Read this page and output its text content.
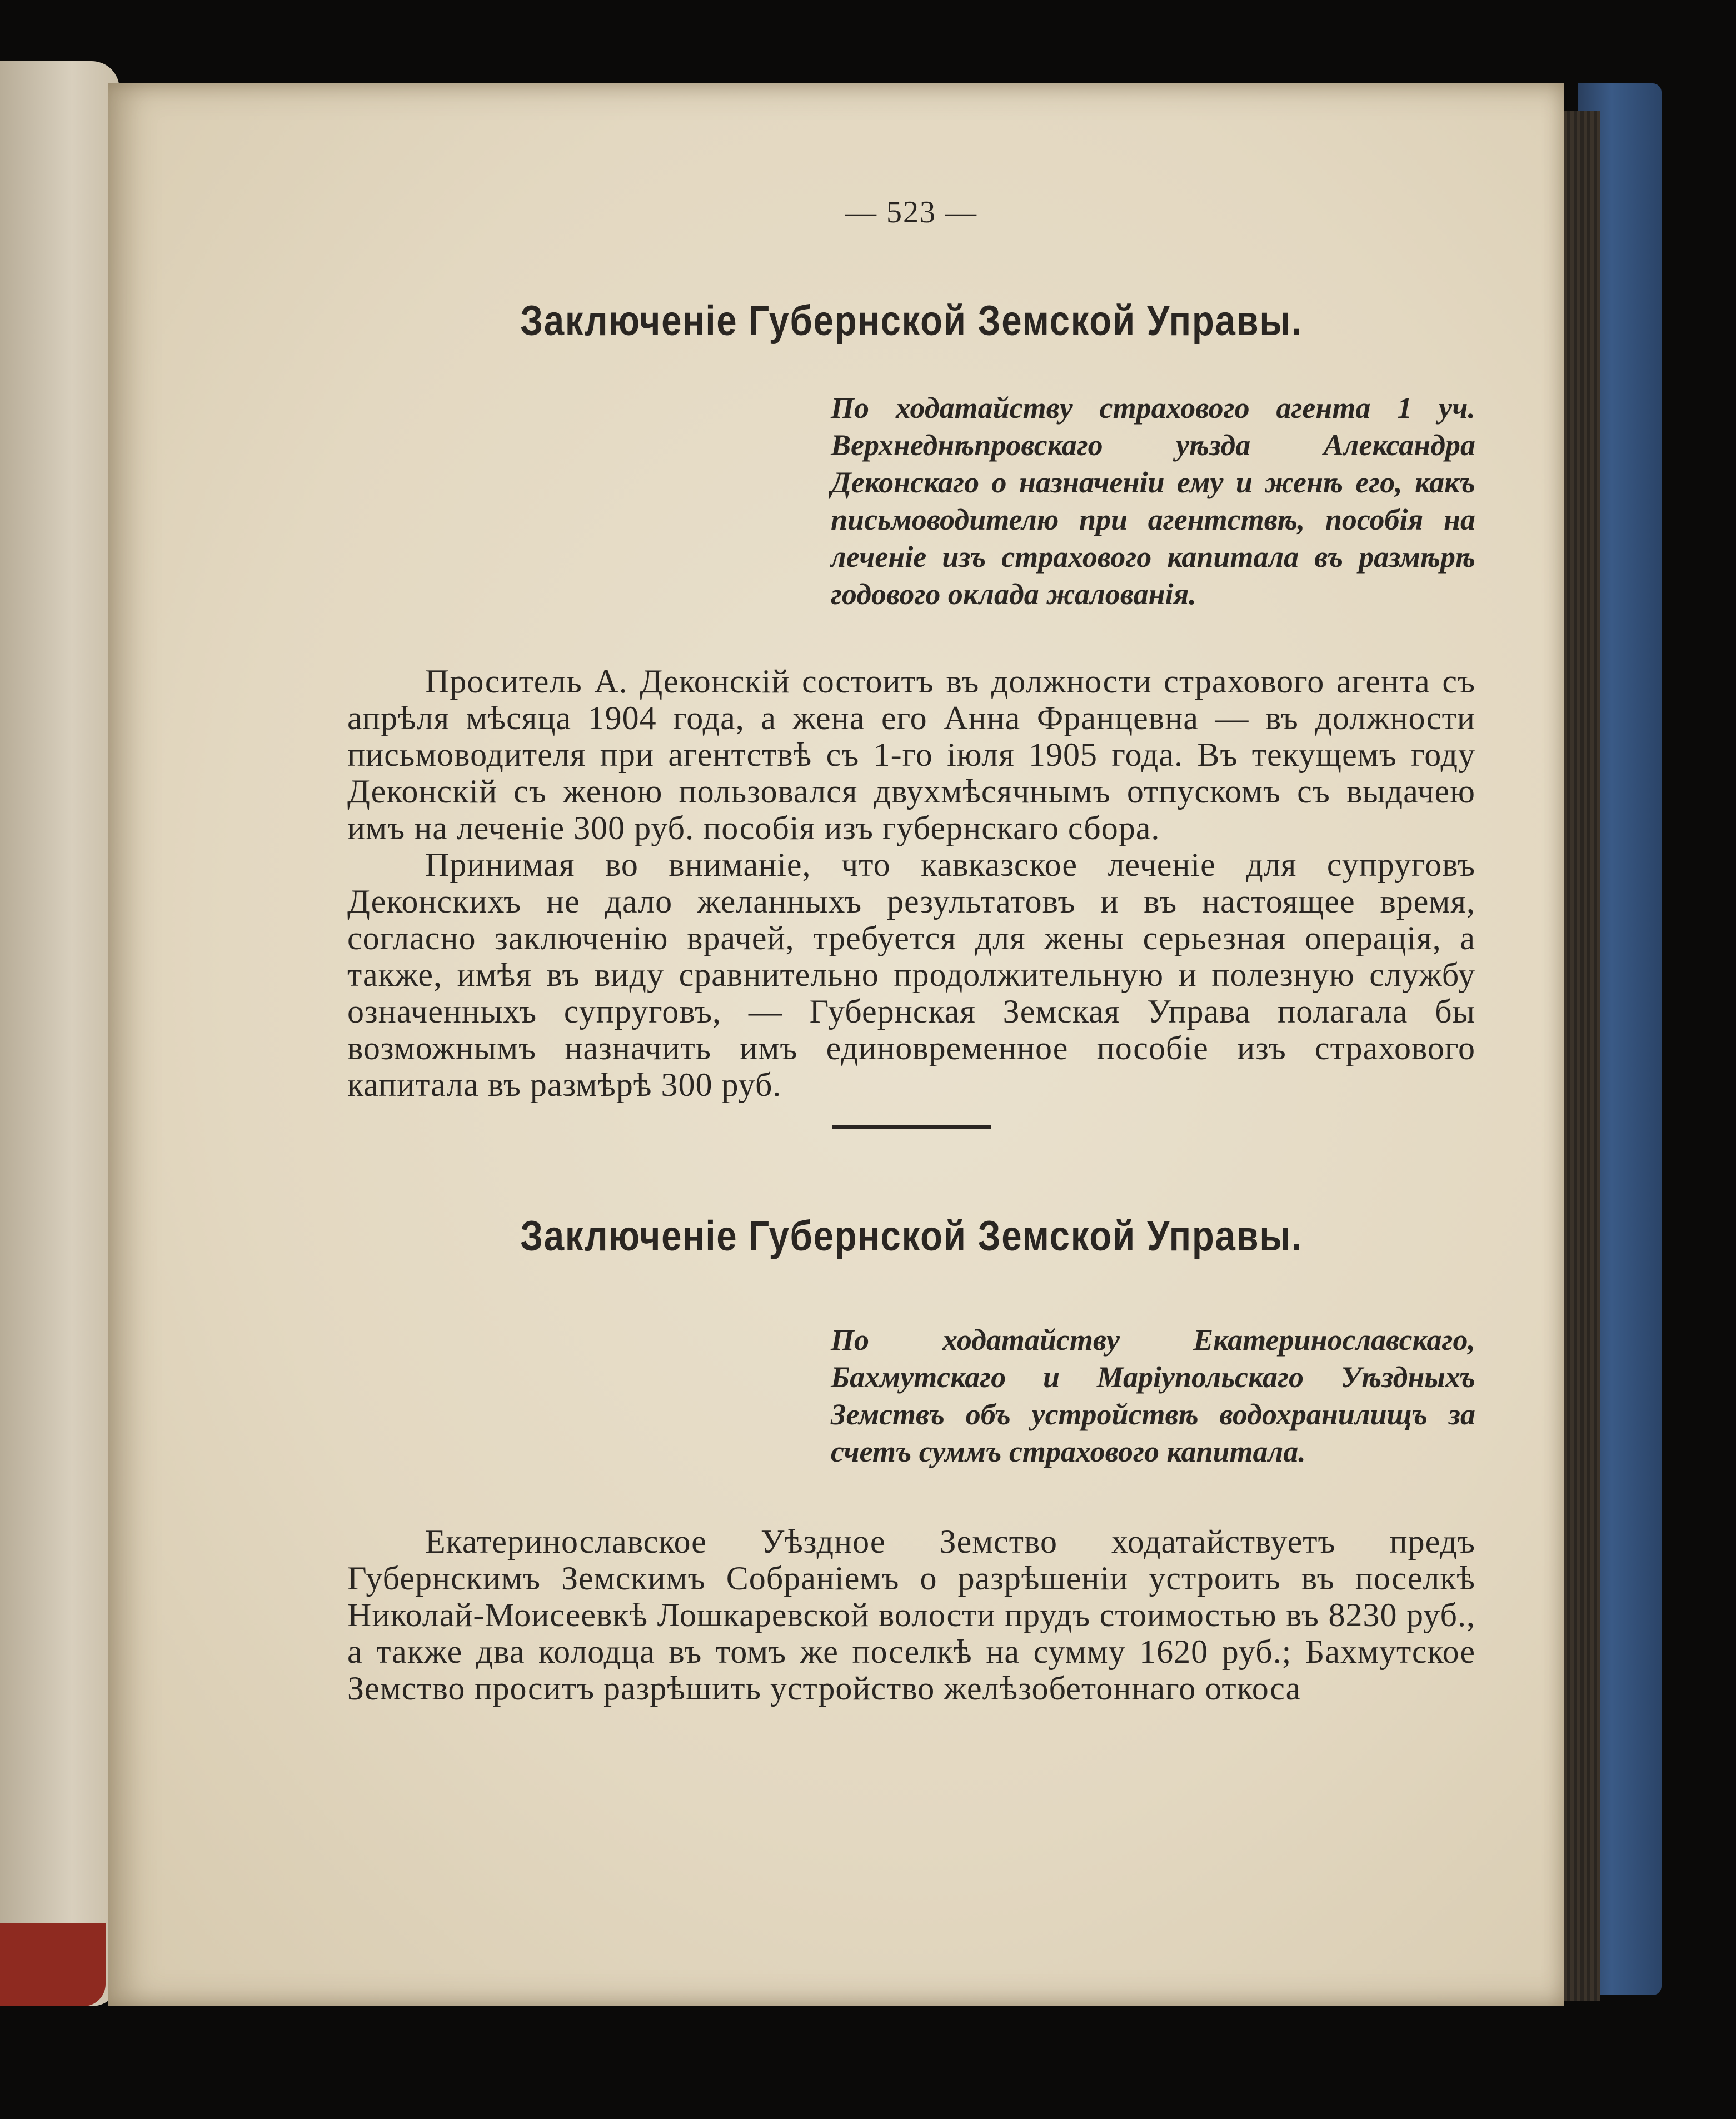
— 523 —
Заключеніе Губернской Земской Управы.
По ходатайству страхового агента 1 уч. Верхнеднѣпровскаго уѣзда Александра Деконскаго о назначеніи ему и женѣ его, какъ письмоводителю при агентствѣ, пособія на леченіе изъ страхового капитала въ размѣрѣ годового оклада жалованія.

Проситель А. Деконскій состоитъ въ должности страхового агента съ апрѣля мѣсяца 1904 года, а жена его Анна Францевна — въ должности письмоводителя при агентствѣ съ 1-го іюля 1905 года. Въ текущемъ году Деконскій съ женою пользовался двухмѣсячнымъ отпускомъ съ выдачею имъ на леченіе 300 руб. пособія изъ губернскаго сбора.

Принимая во вниманіе, что кавказское леченіе для супруговъ Деконскихъ не дало желанныхъ результатовъ и въ настоящее время, согласно заключенію врачей, требуется для жены серьезная операція, а также, имѣя въ виду сравнительно продолжительную и полезную службу означенныхъ супруговъ, — Губернская Земская Управа полагала бы возможнымъ назначить имъ единовременное пособіе изъ страхового капитала въ размѣрѣ 300 руб.

Заключеніе Губернской Земской Управы.
По ходатайству Екатеринославскаго, Бахмутскаго и Маріупольскаго Уѣздныхъ Земствъ объ устройствѣ водохранилищъ за счетъ суммъ страхового капитала.

Екатеринославское Уѣздное Земство ходатайствуетъ предъ Губернскимъ Земскимъ Собраніемъ о разрѣшеніи устроить въ поселкѣ Николай-Моисеевкѣ Лошкаревской волости прудъ стоимостью въ 8230 руб., а также два колодца въ томъ же поселкѣ на сумму 1620 руб.; Бахмутское Земство проситъ разрѣшить устройство желѣзобетоннаго откоса
